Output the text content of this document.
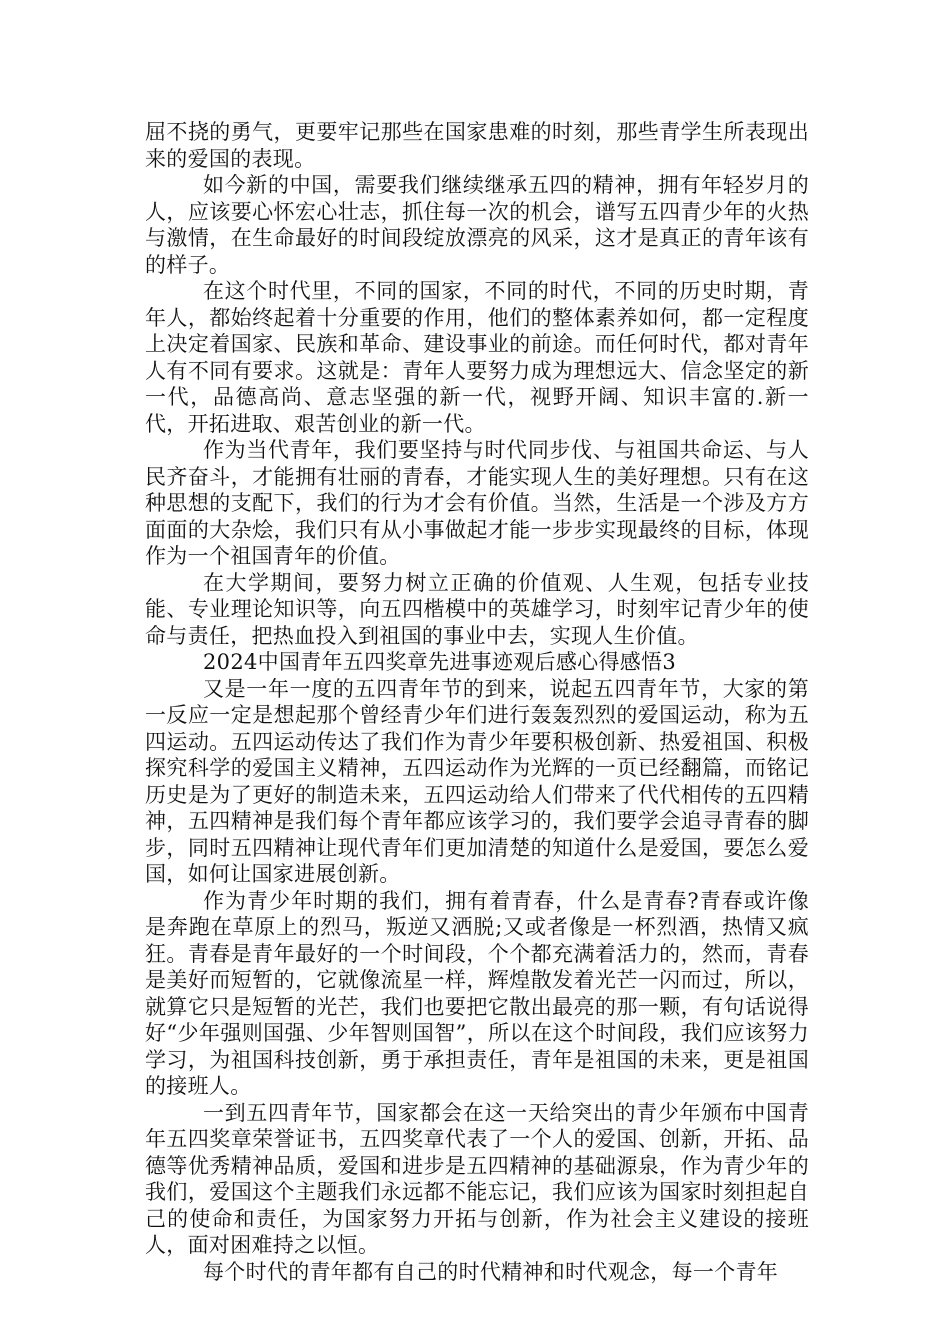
屈不挠的勇气，更要牢记那些在国家患难的时刻，那些青学生所表现出来的爱国的表现。

如今新的中国，需要我们继续继承五四的精神，拥有年轻岁月的人，应该要心怀宏心壮志，抓住每一次的机会，谱写五四青少年的火热与激情，在生命最好的时间段绽放漂亮的风采，这才是真正的青年该有的样子。

在这个时代里，不同的国家，不同的时代，不同的历史时期，青年人，都始终起着十分重要的作用，他们的整体素养如何，都一定程度上决定着国家、民族和革命、建设事业的前途。而任何时代，都对青年人有不同有要求。这就是：青年人要努力成为理想远大、信念坚定的新一代，品德高尚、意志坚强的新一代，视野开阔、知识丰富的.新一代，开拓进取、艰苦创业的新一代。

作为当代青年，我们要坚持与时代同步伐、与祖国共命运、与人民齐奋斗，才能拥有壮丽的青春，才能实现人生的美好理想。只有在这种思想的支配下，我们的行为才会有价值。当然，生活是一个涉及方方面面的大杂烩，我们只有从小事做起才能一步步实现最终的目标，体现作为一个祖国青年的价值。

在大学期间，要努力树立正确的价值观、人生观，包括专业技能、专业理论知识等，向五四楷模中的英雄学习，时刻牢记青少年的使命与责任，把热血投入到祖国的事业中去，实现人生价值。

2024中国青年五四奖章先进事迹观后感心得感悟3

又是一年一度的五四青年节的到来，说起五四青年节，大家的第一反应一定是想起那个曾经青少年们进行轰轰烈烈的爱国运动，称为五四运动。五四运动传达了我们作为青少年要积极创新、热爱祖国、积极探究科学的爱国主义精神，五四运动作为光辉的一页已经翻篇，而铭记历史是为了更好的制造未来，五四运动给人们带来了代代相传的五四精神，五四精神是我们每个青年都应该学习的，我们要学会追寻青春的脚步，同时五四精神让现代青年们更加清楚的知道什么是爱国，要怎么爱国，如何让国家进展创新。

作为青少年时期的我们，拥有着青春，什么是青春?青春或许像是奔跑在草原上的烈马，叛逆又洒脱;又或者像是一杯烈酒，热情又疯狂。青春是青年最好的一个时间段，个个都充满着活力的，然而，青春是美好而短暂的，它就像流星一样，辉煌散发着光芒一闪而过，所以，就算它只是短暂的光芒，我们也要把它散出最亮的那一颗，有句话说得好“少年强则国强、少年智则国智”，所以在这个时间段，我们应该努力学习，为祖国科技创新，勇于承担责任，青年是祖国的未来，更是祖国的接班人。

一到五四青年节，国家都会在这一天给突出的青少年颁布中国青年五四奖章荣誉证书，五四奖章代表了一个人的爱国、创新，开拓、品德等优秀精神品质，爱国和进步是五四精神的基础源泉，作为青少年的我们，爱国这个主题我们永远都不能忘记，我们应该为国家时刻担起自己的使命和责任，为国家努力开拓与创新，作为社会主义建设的接班人，面对困难持之以恒。

每个时代的青年都有自己的时代精神和时代观念，每一个青年
